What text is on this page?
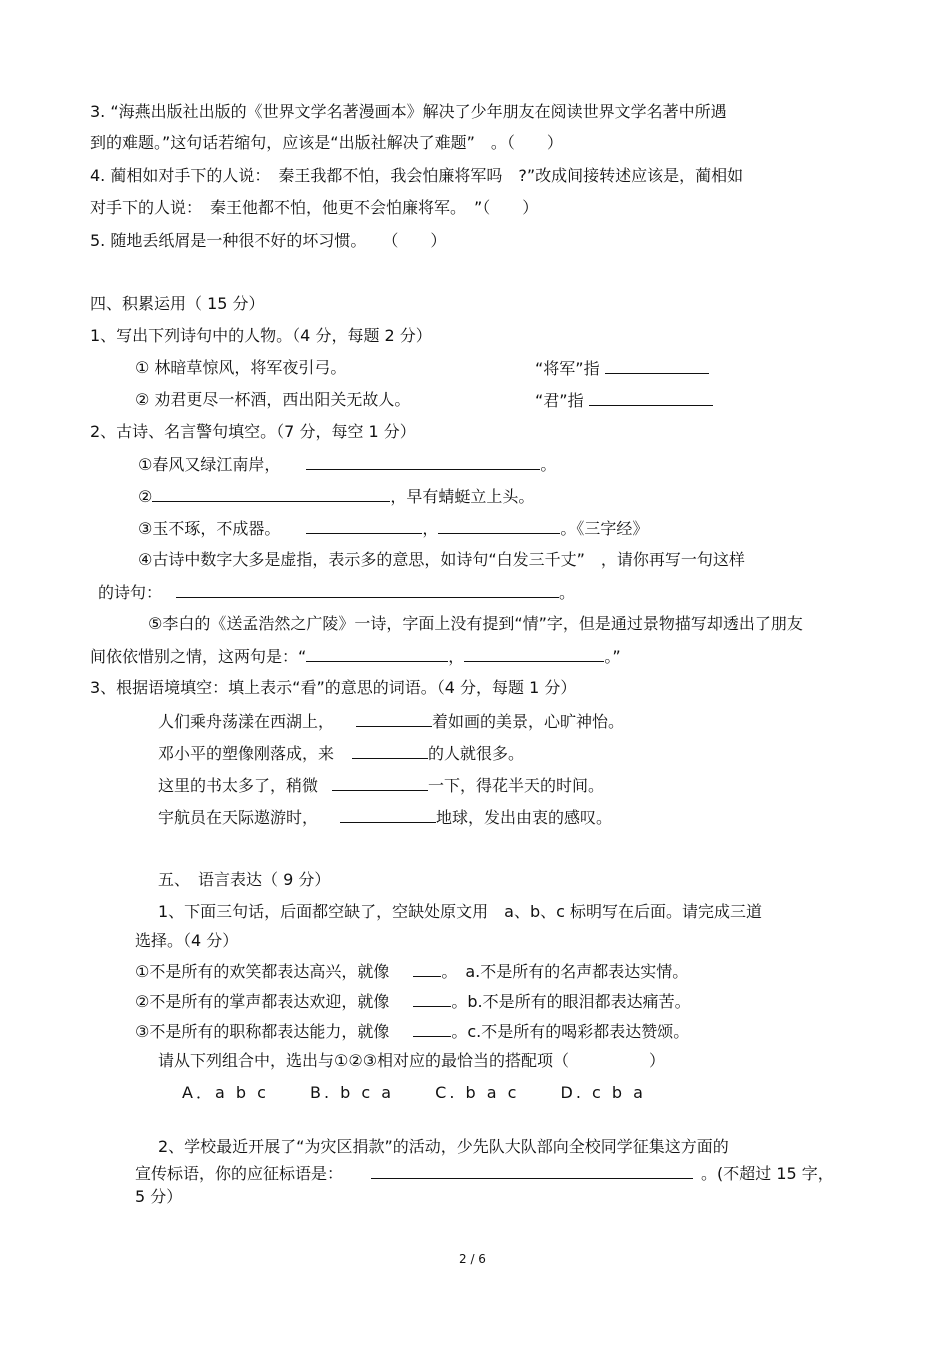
3. “海燕出版社出版的《世界文学名著漫画本》解决了少年朋友在阅读世界文学名著中所遇
到的难题。”这句话若缩句，应该是“出版社解决了难题”　。（　　）
4. 蔺相如对手下的人说：　秦王我都不怕，我会怕廉将军吗　?”改成间接转述应该是，蔺相如
对手下的人说：　秦王他都不怕，他更不会怕廉将军。　”（　　）
5. 随地丢纸屑是一种很不好的坏习惯。　　（　　）
四、积累运用（ 15 分）
1、写出下列诗句中的人物。（4 分，每题 2 分）
① 林暗草惊风，将军夜引弓。	“将军”指
② 劝君更尽一杯酒，西出阳关无故人。	“君”指
2、古诗、名言警句填空。（7 分，每空 1 分）
①春风又绿江南岸，	。
②	，早有蜻蜓立上头。
③玉不琢，不成器。	，	。《三字经》
④古诗中数字大多是虚指，表示多的意思，如诗句“白发三千丈”　，请你再写一句这样
的诗句：	。
⑤李白的《送孟浩然之广陵》一诗，字面上没有提到“情”字，但是通过景物描写却透出了朋友
间依依惜别之情，这两句是：“	，	。”
3、根据语境填空：填上表示“看”的意思的词语。（4 分，每题 1 分）
人们乘舟荡漾在西湖上，	着如画的美景，心旷神怡。
邓小平的塑像刚落成，来	的人就很多。
这里的书太多了，稍微	一下，得花半天的时间。
宇航员在天际遨游时，	地球，发出由衷的感叹。
五、　语言表达（ 9 分）
1、下面三句话，后面都空缺了，空缺处原文用　a、b、c 标明写在后面。请完成三道
选择。（4 分）
①不是所有的欢笑都表达高兴，就像	。　a.不是所有的名声都表达实情。
②不是所有的掌声都表达欢迎，就像	。b.不是所有的眼泪都表达痛苦。
③不是所有的职称都表达能力，就像	。c.不是所有的喝彩都表达赞颂。
请从下列组合中，选出与①②③相对应的最恰当的搭配项（　　　　　）
A．a b c	B. b c a	C. b a c	D. c b a
2、学校最近开展了“为灾区捐款”的活动，少先队大队部向全校同学征集这方面的
宣传标语，你的应征标语是：	。(不超过 15 字，
5 分）
2 / 6
